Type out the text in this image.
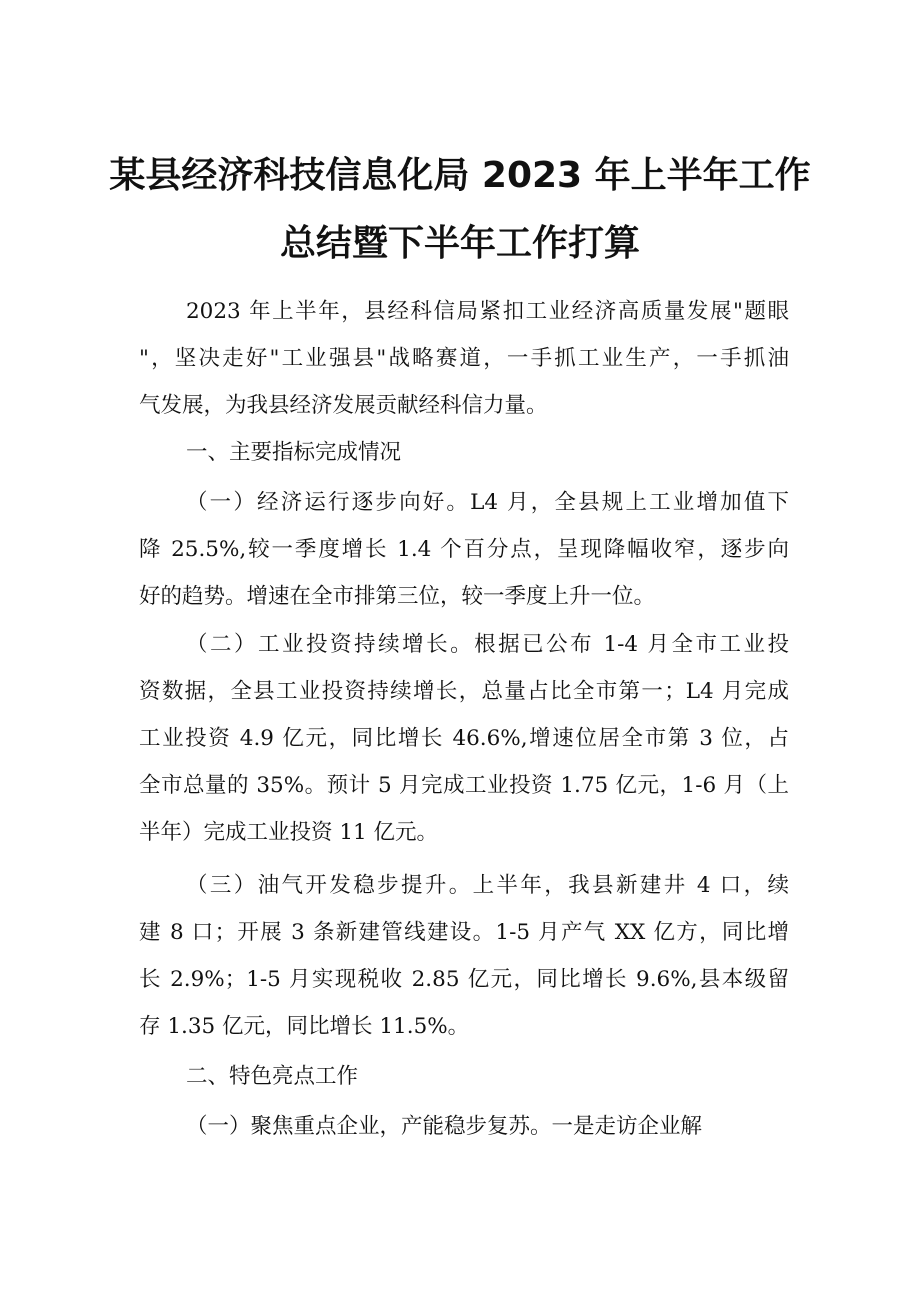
某县经济科技信息化局 2023 年上半年工作
总结暨下半年工作打算
2023 年上半年，县经科信局紧扣工业经济高质量发展"题眼
"，坚决走好"工业强县"战略赛道，一手抓工业生产，一手抓油
气发展，为我县经济发展贡献经科信力量。
一、主要指标完成情况
（一）经济运行逐步向好。L4 月，全县规上工业增加值下
降 25.5%,较一季度增长 1.4 个百分点，呈现降幅收窄，逐步向
好的趋势。增速在全市排第三位，较一季度上升一位。
（二）工业投资持续增长。根据已公布 1-4 月全市工业投
资数据，全县工业投资持续增长，总量占比全市第一；L4 月完成
工业投资 4.9 亿元，同比增长 46.6%,增速位居全市第 3 位，占
全市总量的 35%。预计 5 月完成工业投资 1.75 亿元，1-6 月（上
半年）完成工业投资 11 亿元。
（三）油气开发稳步提升。上半年，我县新建井 4 口，续
建 8 口；开展 3 条新建管线建设。1-5 月产气 XX 亿方，同比增
长 2.9%；1-5 月实现税收 2.85 亿元，同比增长 9.6%,县本级留
存 1.35 亿元，同比增长 11.5%。
二、特色亮点工作
（一）聚焦重点企业，产能稳步复苏。一是走访企业解
